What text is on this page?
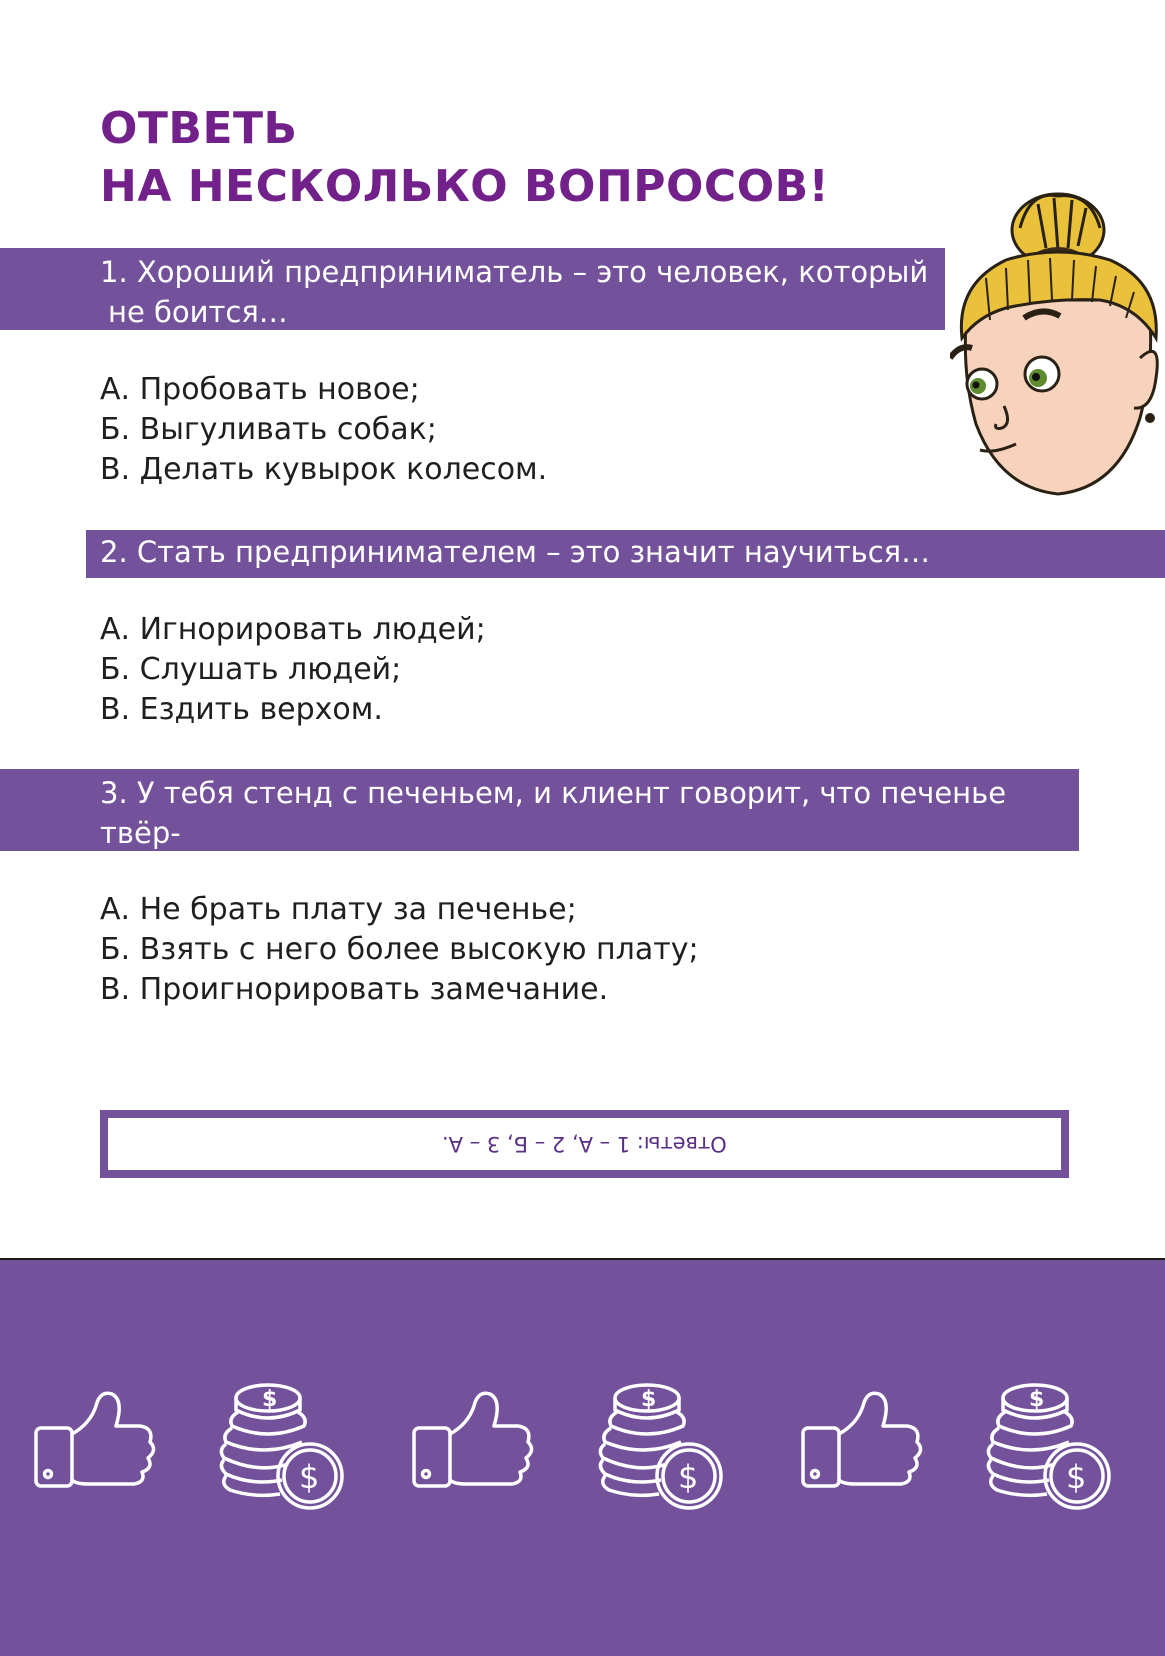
ОТВЕТЬ
НА НЕСКОЛЬКО ВОПРОСОВ!
1. Хороший предприниматель – это человек, который
не боится…
А. Пробовать новое;
Б. Выгуливать собак;
В. Делать кувырок колесом.
2. Стать предпринимателем – это значит научиться…
А. Игнорировать людей;
Б. Слушать людей;
В. Ездить верхом.
3. У тебя стенд с печеньем, и клиент говорит, что печенье твёр-
дое, что тебе следует сделать:
А. Не брать плату за печенье;
Б. Взять с него более высокую плату;
В. Проигнорировать замечание.
Ответы: 1 – А, 2 – Б, 3 – А.
$
$
$
$
$
$
